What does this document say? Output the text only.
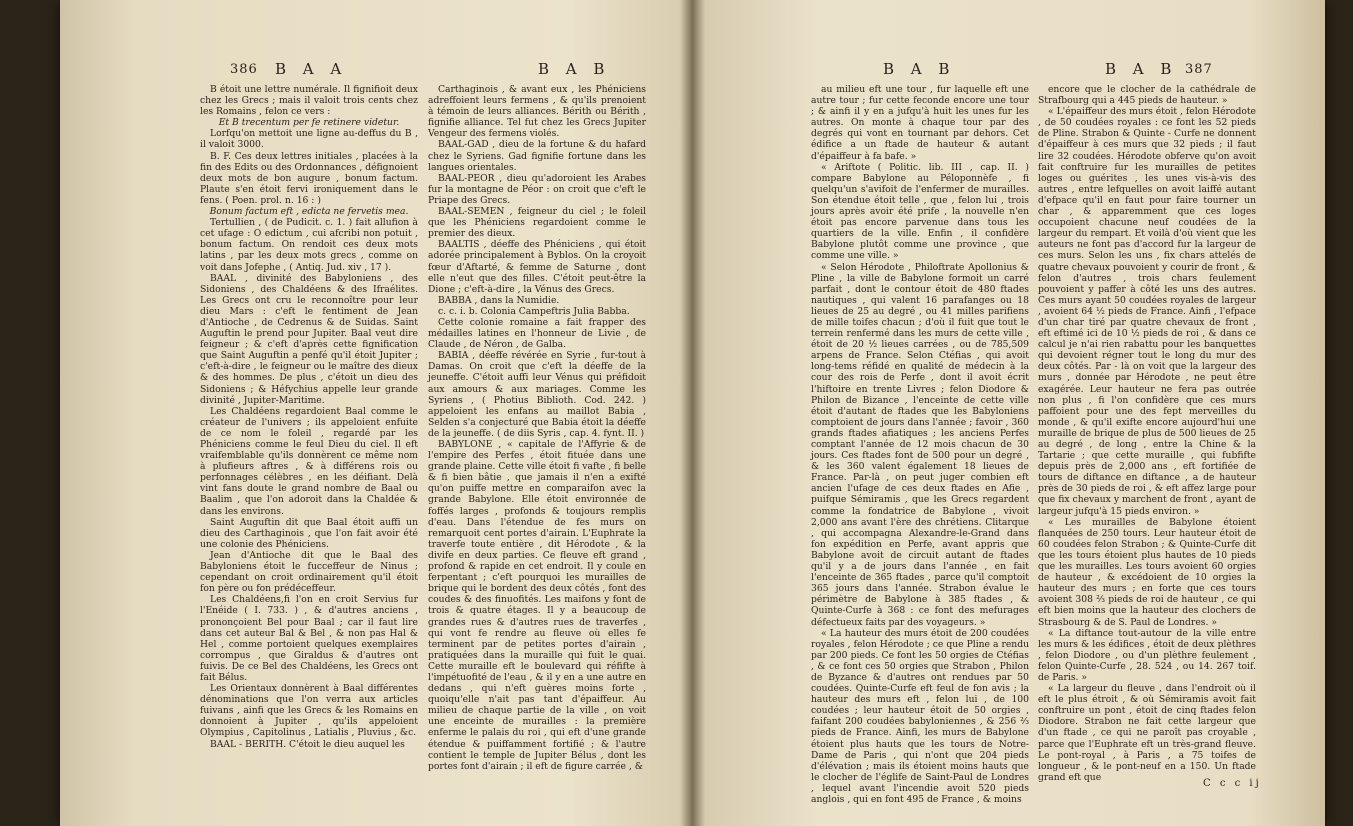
386 B A A	B A B

B étoit une lettre numérale. Il fignifioit deux chez les Grecs ; mais il valoit trois cents chez les Romains , felon ce vers :

Et B trecentum per fe retinere videtur.

Lorfqu'on mettoit une ligne au-deffus du B , il valoit 3000.

B. F. Ces deux lettres initiales , placées à la fin des Edits ou des Ordonnances , défignoient deux mots de bon augure , bonum factum. Plaute s'en étoit fervi ironiquement dans le fens. ( Poen. prol. n. 16 : )

Bonum factum eft , edicta ne fervetis mea.

Tertullien , ( de Pudicit. c. 1. ) fait allufion à cet ufage : O edictum , cui afcribi non potuit , bonum factum. On rendoit ces deux mots latins , par les deux mots grecs , comme on voit dans Jofephe , ( Antiq. Jud. xiv , 17 ).

BAAL , divinité des Babyloniens , des Sidoniens , des Chaldéens & des Ifraélites. Les Grecs ont cru le reconnoître pour leur dieu Mars : c'eft le fentiment de Jean d'Antioche , de Cedrenus & de Suidas. Saint Auguftin le prend pour Jupiter. Baal veut dire feigneur ; & c'eft d'après cette fignification que Saint Auguftin a penfé qu'il étoit Jupiter ; c'eft-à-dire , le feigneur ou le maître des dieux & des hommes. De plus , c'étoit un dieu des Sidoniens ; & Héfychius appelle leur grande divinité , Jupiter-Maritime.

Les Chaldéens regardoient Baal comme le créateur de l'univers ; ils appeloient enfuite de ce nom le foleil , regardé par les Phéniciens comme le feul Dieu du ciel. Il eft vraifemblable qu'ils donnèrent ce même nom à plufieurs aftres , & à différens rois ou perfonnages célèbres , en les déifiant. Delà vint fans doute le grand nombre de Baal ou Baalim , que l'on adoroit dans la Chaldée & dans les environs.

Saint Auguftin dit que Baal étoit auffi un dieu des Carthaginois , que l'on fait avoir été une colonie des Phéniciens.

Jean d'Antioche dit que le Baal des Babyloniens étoit le fucceffeur de Ninus ; cependant on croit ordinairement qu'il étoit fon père ou fon prédéceffeur.

Les Chaldéens,fi l'on en croit Servius fur l'Enéide ( I. 733. ) , & d'autres anciens , prononçoient Bel pour Baal ; car il faut lire dans cet auteur Bal & Bel , & non pas Hal & Hel , comme portoient quelques exemplaires corrompus , que Giraldus & d'autres ont fuivis. De ce Bel des Chaldéens, les Grecs ont fait Bélus.

Les Orientaux donnèrent à Baal différentes dénominations que l'on verra aux articles fuivans , ainfi que les Grecs & les Romains en donnoient à Jupiter , qu'ils appeloient Olympius , Capitolinus , Latialis , Pluvius , &c.

BAAL - BERITH. C'étoit le dieu auquel les

Carthaginois , & avant eux , les Phéniciens adreffoient leurs fermens , & qu'ils prenoient à témoin de leurs alliances. Bérith ou Bérith , fignifie alliance. Tel fut chez les Grecs Jupiter Vengeur des fermens violés.

BAAL-GAD , dieu de la fortune & du hafard chez le Syriens. Gad fignifie fortune dans les langues orientales.

BAAL-PEOR , dieu qu'adoroient les Arabes fur la montagne de Péor : on croit que c'eft le Priape des Grecs.

BAAL-SEMEN , feigneur du ciel ; le foleil que les Phéniciens regardoient comme le premier des dieux.

BAALTIS , déeffe des Phéniciens , qui étoit adorée principalement à Byblos. On la croyoit fœur d'Aftarté, & femme de Saturne , dont elle n'eut que des filles. C'étoit peut-être la Dione ; c'eft-à-dire , la Vénus des Grecs.

BABBA , dans la Numidie.

c. c. i. b. Colonia Campeftris Julia Babba.

Cette colonie romaine a fait frapper des médailles latines en l'honneur de Livie , de Claude , de Néron , de Galba.

BABIA , déeffe révérée en Syrie , fur-tout à Damas. On croit que c'eft la déeffe de la jeuneffe. C'étoit auffi leur Vénus qui préfidoit aux amours & aux mariages. Comme les Syriens , ( Photius Biblioth. Cod. 242. ) appeloient les enfans au maillot Babia , Selden s'a conjecturé que Babia étoit la déeffe de la jeuneffe. ( de diis Syris , cap. 4. fynt. II. )

BABYLONE , « capitale de l'Affyrie & de l'empire des Perfes , étoit fituée dans une grande plaine. Cette ville étoit fi vafte , fi belle & fi bien bâtie , que jamais il n'en a exifté qu'on puiffe mettre en comparaifon avec la grande Babylone. Elle étoit environnée de foffés larges , profonds & toujours remplis d'eau. Dans l'étendue de fes murs on remarquoit cent portes d'airain. L'Euphrate la traverfe toute entière , dit Hérodote , & la divife en deux parties. Ce fleuve eft grand , profond & rapide en cet endroit. Il y coule en ferpentant ; c'eft pourquoi les murailles de brique qui le bordent des deux côtés , font des coudes & des finuofités. Les maifons y font de trois & quatre étages. Il y a beaucoup de grandes rues & d'autres rues de traverfes , qui vont fe rendre au fleuve où elles fe terminent par de petites portes d'airain , pratiquées dans la muraille qui fuit le quai. Cette muraille eft le boulevard qui réfifte à l'impétuofité de l'eau , & il y en a une autre en dedans , qui n'eft guères moins forte , quoiqu'elle n'ait pas tant d'épaiffeur. Au milieu de chaque partie de la ville , on voit une enceinte de murailles : la première enferme le palais du roi , qui eft d'une grande étendue & puiffamment fortifié ; & l'autre contient le temple de Jupiter Bélus , dont les portes font d'airain ; il eft de figure carrée , &

B A B	B A B 387

au milieu eft une tour , fur laquelle eft une autre tour ; fur cette feconde encore une tour ; & ainfi il y en a jufqu'à huit les unes fur les autres. On monte à chaque tour par des degrés qui vont en tournant par dehors. Cet édifice a un ftade de hauteur & autant d'épaiffeur à fa bafe. »

« Ariftote ( Politic. lib. III , cap. II. ) compare Babylone au Péloponnèfe , fi quelqu'un s'avifoit de l'enfermer de murailles. Son étendue étoit telle , que , felon lui , trois jours après avoir été prife , la nouvelle n'en étoit pas encore parvenue dans tous les quartiers de la ville. Enfin , il confidère Babylone plutôt comme une province , que comme une ville. »

« Selon Hérodote , Philoftrate Apollonius & Pline , la ville de Babylone formoit un carré parfait , dont le contour étoit de 480 ftades nautiques , qui valent 16 parafanges ou 18 lieues de 25 au degré , ou 41 milles parifiens de mille toifes chacun ; d'où il fuit que tout le terrein renfermé dans les murs de cette ville , étoit de 20 ½ lieues carrées , ou de 785,509 arpens de France. Selon Ctéfias , qui avoit long-tems réfidé en qualité de médecin à la cour des rois de Perfe , dont il avoit écrit l'hiftoire en trente Livres ; felon Diodore & Philon de Bizance , l'enceinte de cette ville étoit d'autant de ftades que les Babyloniens comptoient de jours dans l'année ; favoir , 360 grands ftades afiatiques ; les anciens Perfes comptant l'année de 12 mois chacun de 30 jours. Ces ftades font de 500 pour un degré , & les 360 valent également 18 lieues de France. Par-là , on peut juger combien eft ancien l'ufage de ces deux ftades en Afie , puifque Sémiramis , que les Grecs regardent comme la fondatrice de Babylone , vivoit 2,000 ans avant l'ère des chrétiens. Clitarque , qui accompagna Alexandre-le-Grand dans fon expédition en Perfe, avant appris que Babylone avoit de circuit autant de ftades qu'il y a de jours dans l'année , en fait l'enceinte de 365 ftades , parce qu'il comptoit 365 jours dans l'année. Strabon évalue le périmètre de Babylone à 385 ftades , & Quinte-Curfe à 368 : ce font des mefurages défectueux faits par des voyageurs. »

« La hauteur des murs étoit de 200 coudées royales , felon Hérodote ; ce que Pline a rendu par 200 pieds. Ce font les 50 orgies de Ctéfias , & ce font ces 50 orgies que Strabon , Philon de Byzance & d'autres ont rendues par 50 coudées. Quinte-Curfe eft feul de fon avis ; la hauteur des murs eft , felon lui , de 100 coudées ; leur hauteur étoit de 50 orgies , faifant 200 coudées babyloniennes , & 256 ⅔ pieds de France. Ainfi, les murs de Babylone étoient plus hauts que les tours de Notre-Dame de Paris , qui n'ont que 204 pieds d'élévation ; mais ils étoient moins hauts que le clocher de l'églife de Saint-Paul de Londres , lequel avant l'incendie avoit 520 pieds anglois , qui en font 495 de France , & moins

encore que le clocher de la cathédrale de Strafbourg qui a 445 pieds de hauteur. »

« L'épaiffeur des murs étoit , felon Hérodote , de 50 coudées royales : ce font les 52 pieds de Pline. Strabon & Quinte - Curfe ne donnent d'épaiffeur à ces murs que 32 pieds ; il faut lire 32 coudées. Hérodote obferve qu'on avoit fait conftruire fur les murailles de petites loges ou guérites , les unes vis-à-vis des autres , entre lefquelles on avoit laiffé autant d'efpace qu'il en faut pour faire tourner un char , & apparemment que ces loges occupoient chacune neuf coudées de la largeur du rempart. Et voilà d'où vient que les auteurs ne font pas d'accord fur la largeur de ces murs. Selon les uns , fix chars attelés de quatre chevaux pouvoient y courir de front , & felon d'autres , trois chars feulement pouvoient y paffer à côté les uns des autres. Ces murs ayant 50 coudées royales de largeur , avoient 64 ½ pieds de France. Ainfi , l'efpace d'un char tiré par quatre chevaux de front , eft eftimé ici de 10 ½ pieds de roi , & dans ce calcul je n'ai rien rabattu pour les banquettes qui devoient régner tout le long du mur des deux côtés. Par - là on voit que la largeur des murs , donnée par Hérodote , ne peut être exagérée. Leur hauteur ne fera pas outrée non plus , fi l'on confidère que ces murs paffoient pour une des fept merveilles du monde , & qu'il exifte encore aujourd'hui une muraille de brique de plus de 500 lieues de 25 au degré , de long , entre la Chine & la Tartarie ; que cette muraille , qui fubfifte depuis près de 2,000 ans , eft fortifiée de tours de diftance en diftance , a de hauteur près de 30 pieds de roi , & eft affez large pour que fix chevaux y marchent de front , ayant de largeur jufqu'à 15 pieds environ. »

« Les murailles de Babylone étoient flanquées de 250 tours. Leur hauteur étoit de 60 coudées felon Strabon ; & Quinte-Curfe dit que les tours étoient plus hautes de 10 pieds que les murailles. Les tours avoient 60 orgies de hauteur , & excédoient de 10 orgies la hauteur des murs ; en forte que ces tours avoient 308 ⅔ pieds de roi de hauteur , ce qui eft bien moins que la hauteur des clochers de Strasbourg & de S. Paul de Londres. »

« La diftance tout-autour de la ville entre les murs & les édifices , étoit de deux plèthres , felon Diodore , ou d'un plèthre feulement , felon Quinte-Curfe , 28. 524 , ou 14. 267 toif. de Paris. »

« La largeur du fleuve , dans l'endroit où il eft le plus étroit , & où Sémiramis avoit fait conftruire un pont , étoit de cinq ftades felon Diodore. Strabon ne fait cette largeur que d'un ftade , ce qui ne paroît pas croyable , parce que l'Euphrate eft un très-grand fleuve. Le pont-royal , à Paris , a 75 toifes de longueur , & le pont-neuf en a 150. Un ftade grand eft que

C c c ij
